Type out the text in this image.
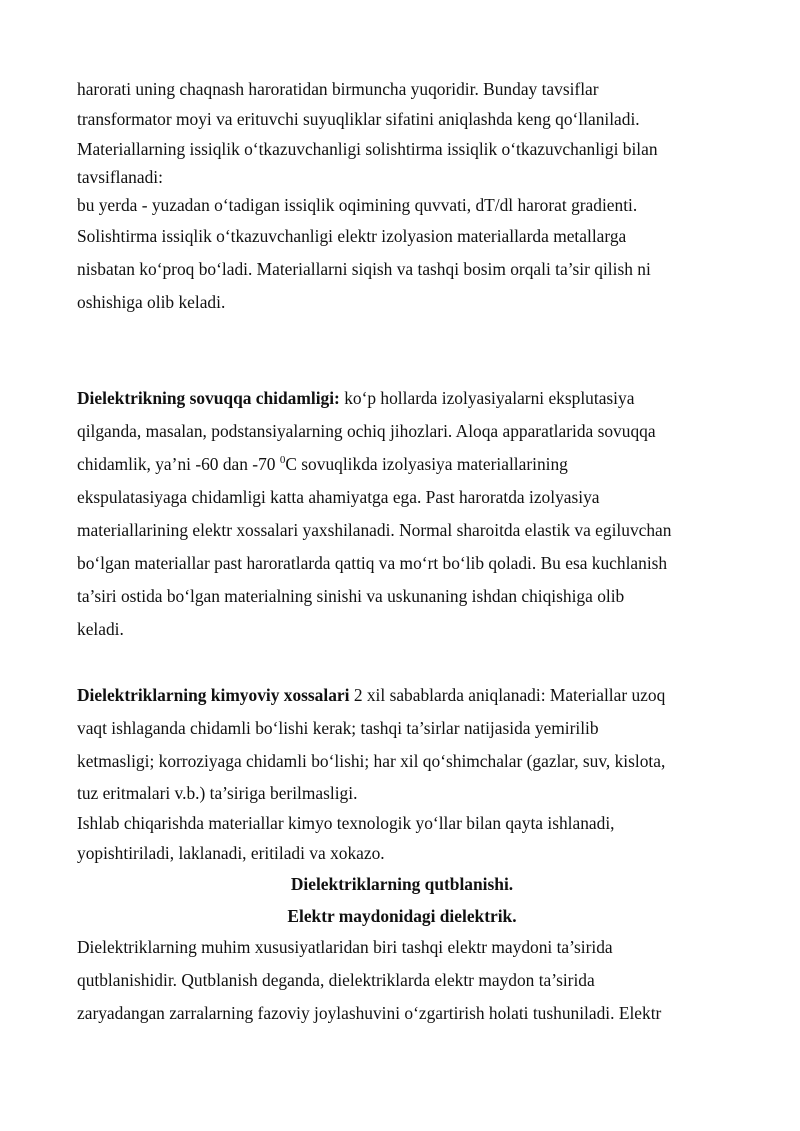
harorati uning chaqnash haroratidan birmuncha yuqoridir. Bunday tavsiflar

transformator moyi va erituvchi suyuqliklar sifatini aniqlashda keng qo‘llaniladi.

Materiallarning issiqlik o‘tkazuvchanligi solishtirma issiqlik o‘tkazuvchanligi bilan

tavsiflanadi:

bu yerda - yuzadan o‘tadigan issiqlik oqimining quvvati, dT/dl harorat gradienti.

Solishtirma issiqlik o‘tkazuvchanligi elektr izolyasion materiallarda metallarga

nisbatan ko‘proq bo‘ladi. Materiallarni siqish va tashqi bosim orqali ta’sir qilish ni

oshishiga olib keladi.

Dielektrikning sovuqqa chidamligi: ko‘p hollarda izolyasiyalarni eksplutasiya

qilganda, masalan, podstansiyalarning ochiq jihozlari. Aloqa apparatlarida sovuqqa

chidamlik, ya’ni -60 dan -70 $^0$C sovuqlikda izolyasiya materiallarining

ekspulatasiyaga chidamligi katta ahamiyatga ega. Past haroratda izolyasiya

materiallarining elektr xossalari yaxshilanadi. Normal sharoitda elastik va egiluvchan

bo‘lgan materiallar past haroratlarda qattiq va mo‘rt bo‘lib qoladi. Bu esa kuchlanish

ta’siri ostida bo‘lgan materialning sinishi va uskunaning ishdan chiqishiga olib

keladi.

Dielektriklarning kimyoviy xossalari 2 xil sabablarda aniqlanadi: Materiallar uzoq

vaqt ishlaganda chidamli bo‘lishi kerak; tashqi ta’sirlar natijasida yemirilib

ketmasligi; korroziyaga chidamli bo‘lishi; har xil qo‘shimchalar (gazlar, suv, kislota,

tuz eritmalari v.b.) ta’siriga berilmasligi.

Ishlab chiqarishda materiallar kimyo texnologik yo‘llar bilan qayta ishlanadi,

yopishtiriladi, laklanadi, eritiladi va xokazo.

Dielektriklarning qutblanishi.

Elektr maydonidagi dielektrik.

Dielektriklarning muhim xususiyatlaridan biri tashqi elektr maydoni ta’sirida

qutblanishidir. Qutblanish deganda, dielektriklarda elektr maydon ta’sirida

zaryadangan zarralarning fazoviy joylashuvini o‘zgartirish holati tushuniladi. Elektr
